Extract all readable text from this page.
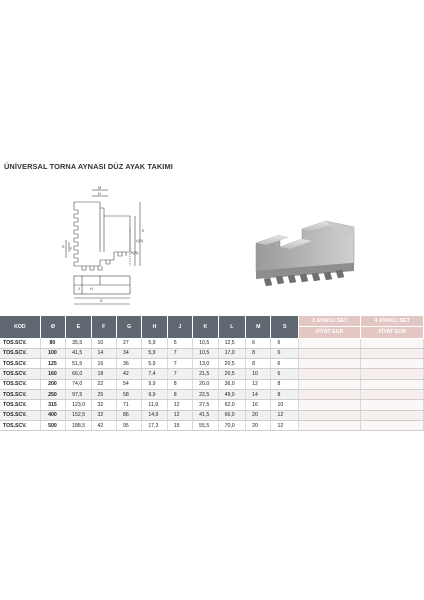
ÜNİVERSAL TORNA AYNASI DÜZ AYAK TAKIMI
M
N
E
L(D)
K(N)
S F
J	H
G
KOD	Ø	E	F	G	H	J	K	L	M	S	3 AYAKLI SET	4 AYAKLI SET
											FİYAT EUR	FİYAT EUR
TOS.SCV.	80	35,5	10	27	5,9	5	10,5	12,5	6	6		
TOS.SCV.	100	41,5	14	34	5,9	7	10,5	17,0	8	6		
TOS.SCV.	125	51,5	16	36	5,9	7	13,0	20,5	8	6		
TOS.SCV.	160	66,0	18	42	7,4	7	21,5	20,5	10	6		
TOS.SCV.	200	74,0	22	54	9,9	8	20,0	36,0	12	8		
TOS.SCV.	250	97,5	25	58	9,9	8	22,5	49,0	14	8		
TOS.SCV.	315	123,0	32	71	11,9	12	27,5	62,0	16	10		
TOS.SCV.	400	152,5	32	86	14,9	12	41,5	66,0	20	12		
TOS.SCV.	500	188,5	42	95	17,3	15	55,5	70,0	20	12		
